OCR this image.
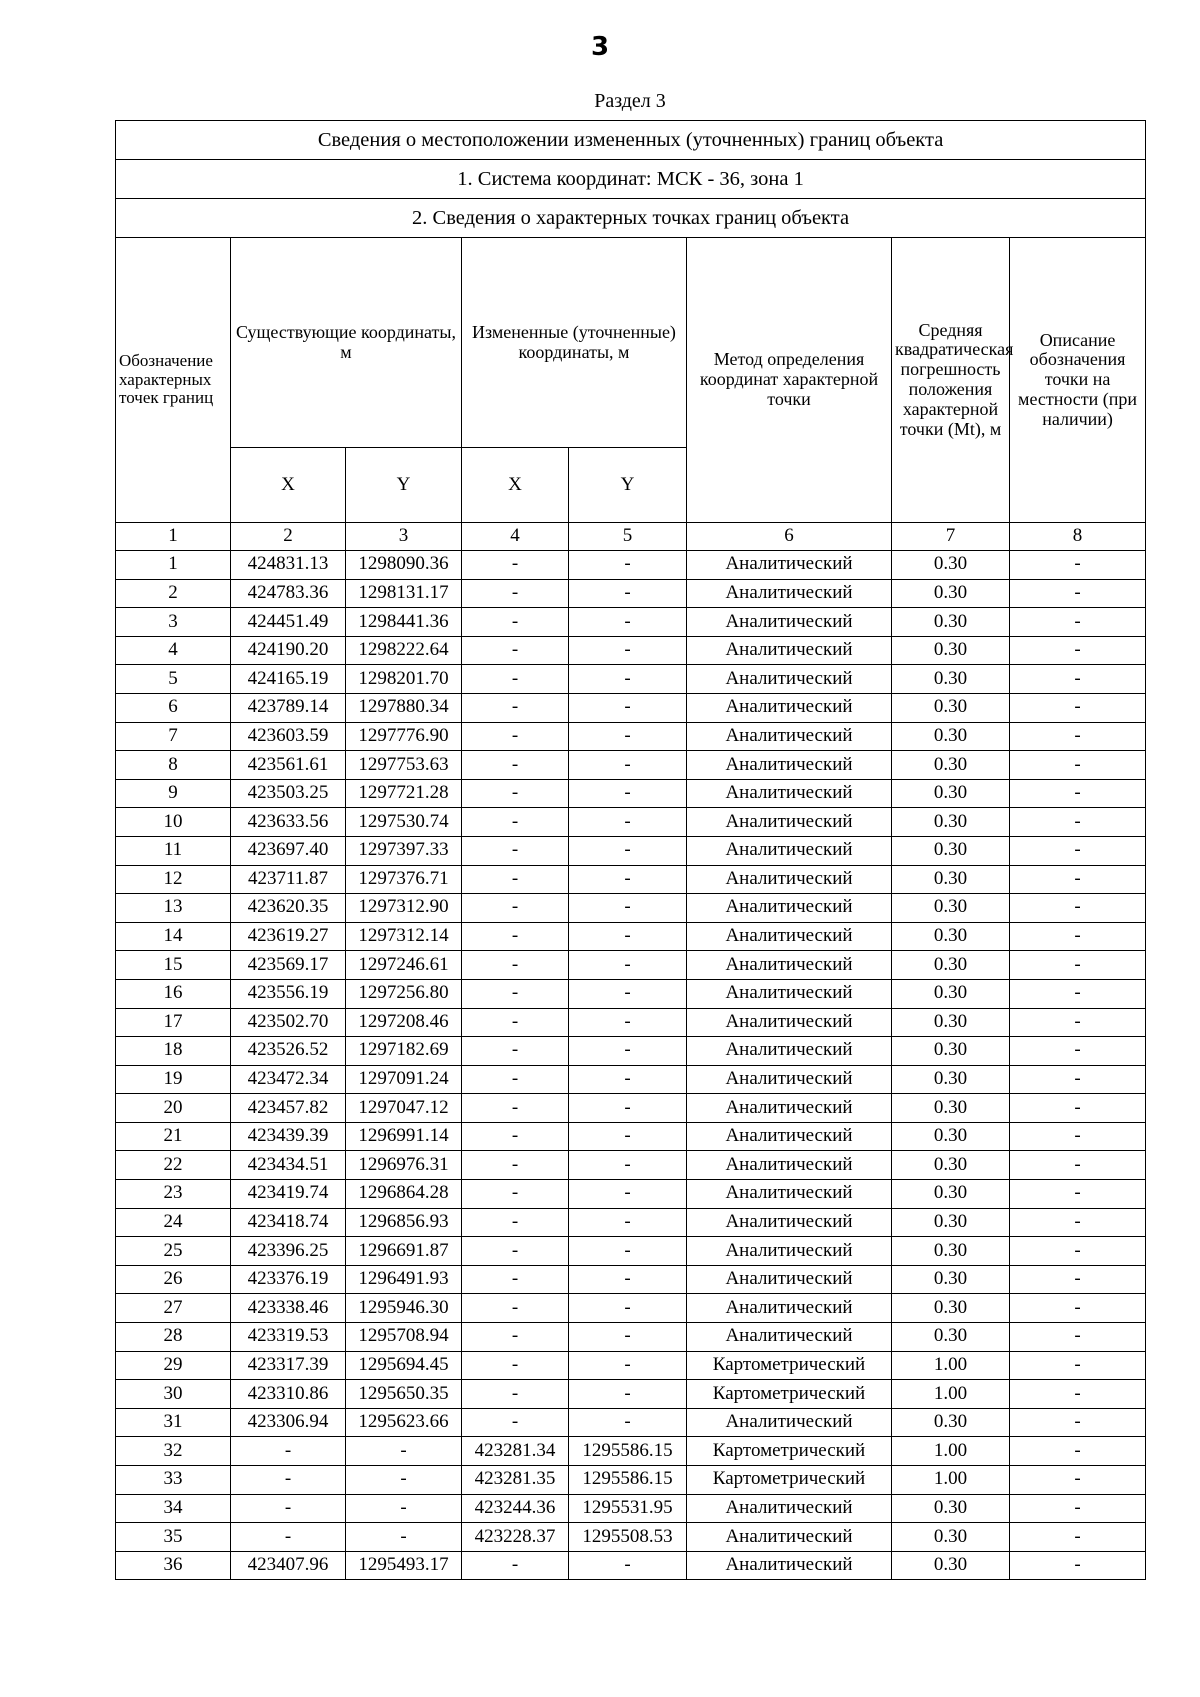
3
Раздел 3
Сведения о местоположении измененных (уточненных) границ объекта							
1. Система координат: МСК - 36, зона 1							
2. Сведения о характерных точках границ объекта							
Обозначение характерных точек границ	Существующие координаты, м		Измененные (уточненные) координаты, м		Метод определения координат характерной точки	Средняя квадратическая погрешность положения характерной точки (Mt), м	Описание обозначения точки на местности (при наличии)
	X	Y	X	Y			
1	2	3	4	5	6	7	8
1	424831.13	1298090.36	-	-	Аналитический	0.30	-
2	424783.36	1298131.17	-	-	Аналитический	0.30	-
3	424451.49	1298441.36	-	-	Аналитический	0.30	-
4	424190.20	1298222.64	-	-	Аналитический	0.30	-
5	424165.19	1298201.70	-	-	Аналитический	0.30	-
6	423789.14	1297880.34	-	-	Аналитический	0.30	-
7	423603.59	1297776.90	-	-	Аналитический	0.30	-
8	423561.61	1297753.63	-	-	Аналитический	0.30	-
9	423503.25	1297721.28	-	-	Аналитический	0.30	-
10	423633.56	1297530.74	-	-	Аналитический	0.30	-
11	423697.40	1297397.33	-	-	Аналитический	0.30	-
12	423711.87	1297376.71	-	-	Аналитический	0.30	-
13	423620.35	1297312.90	-	-	Аналитический	0.30	-
14	423619.27	1297312.14	-	-	Аналитический	0.30	-
15	423569.17	1297246.61	-	-	Аналитический	0.30	-
16	423556.19	1297256.80	-	-	Аналитический	0.30	-
17	423502.70	1297208.46	-	-	Аналитический	0.30	-
18	423526.52	1297182.69	-	-	Аналитический	0.30	-
19	423472.34	1297091.24	-	-	Аналитический	0.30	-
20	423457.82	1297047.12	-	-	Аналитический	0.30	-
21	423439.39	1296991.14	-	-	Аналитический	0.30	-
22	423434.51	1296976.31	-	-	Аналитический	0.30	-
23	423419.74	1296864.28	-	-	Аналитический	0.30	-
24	423418.74	1296856.93	-	-	Аналитический	0.30	-
25	423396.25	1296691.87	-	-	Аналитический	0.30	-
26	423376.19	1296491.93	-	-	Аналитический	0.30	-
27	423338.46	1295946.30	-	-	Аналитический	0.30	-
28	423319.53	1295708.94	-	-	Аналитический	0.30	-
29	423317.39	1295694.45	-	-	Картометрический	1.00	-
30	423310.86	1295650.35	-	-	Картометрический	1.00	-
31	423306.94	1295623.66	-	-	Аналитический	0.30	-
32	-	-	423281.34	1295586.15	Картометрический	1.00	-
33	-	-	423281.35	1295586.15	Картометрический	1.00	-
34	-	-	423244.36	1295531.95	Аналитический	0.30	-
35	-	-	423228.37	1295508.53	Аналитический	0.30	-
36	423407.96	1295493.17	-	-	Аналитический	0.30	-
